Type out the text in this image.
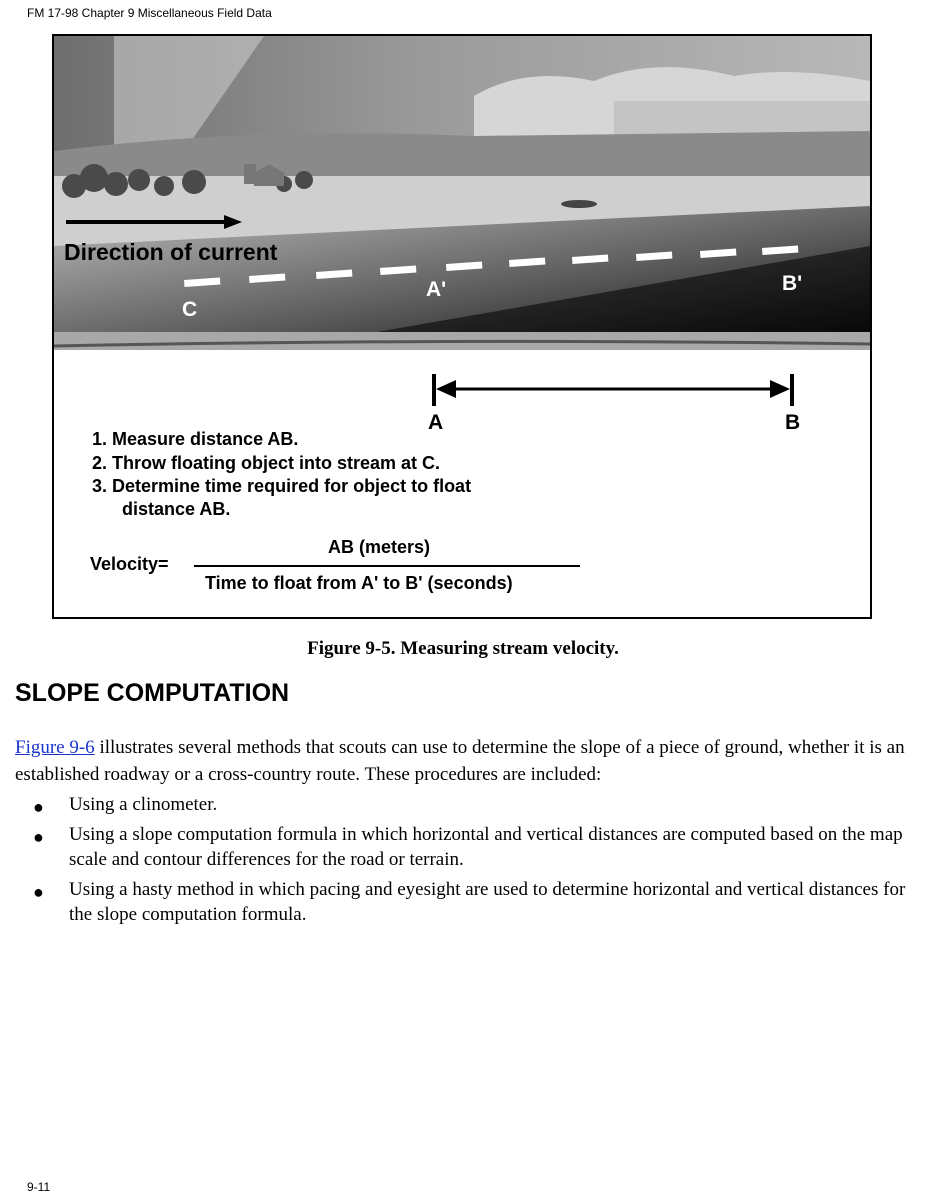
FM 17-98 Chapter 9 Miscellaneous Field Data
Direction of current
C
A'	B'
A	B
1. Measure distance AB.
2. Throw floating object into stream at C.
3. Determine time required for object to float
distance AB.
Velocity=
AB (meters)
Time to float from A' to B' (seconds)
Figure 9-5. Measuring stream velocity.
SLOPE COMPUTATION
Figure 9-6 illustrates several methods that scouts can use to determine the slope of a piece of ground, whether it is an established roadway or a cross-country route. These procedures are included:
● Using a clinometer.
● Using a slope computation formula in which horizontal and vertical distances are computed based on the map scale and contour differences for the road or terrain.
● Using a hasty method in which pacing and eyesight are used to determine horizontal and vertical distances for the slope computation formula.
9-11
